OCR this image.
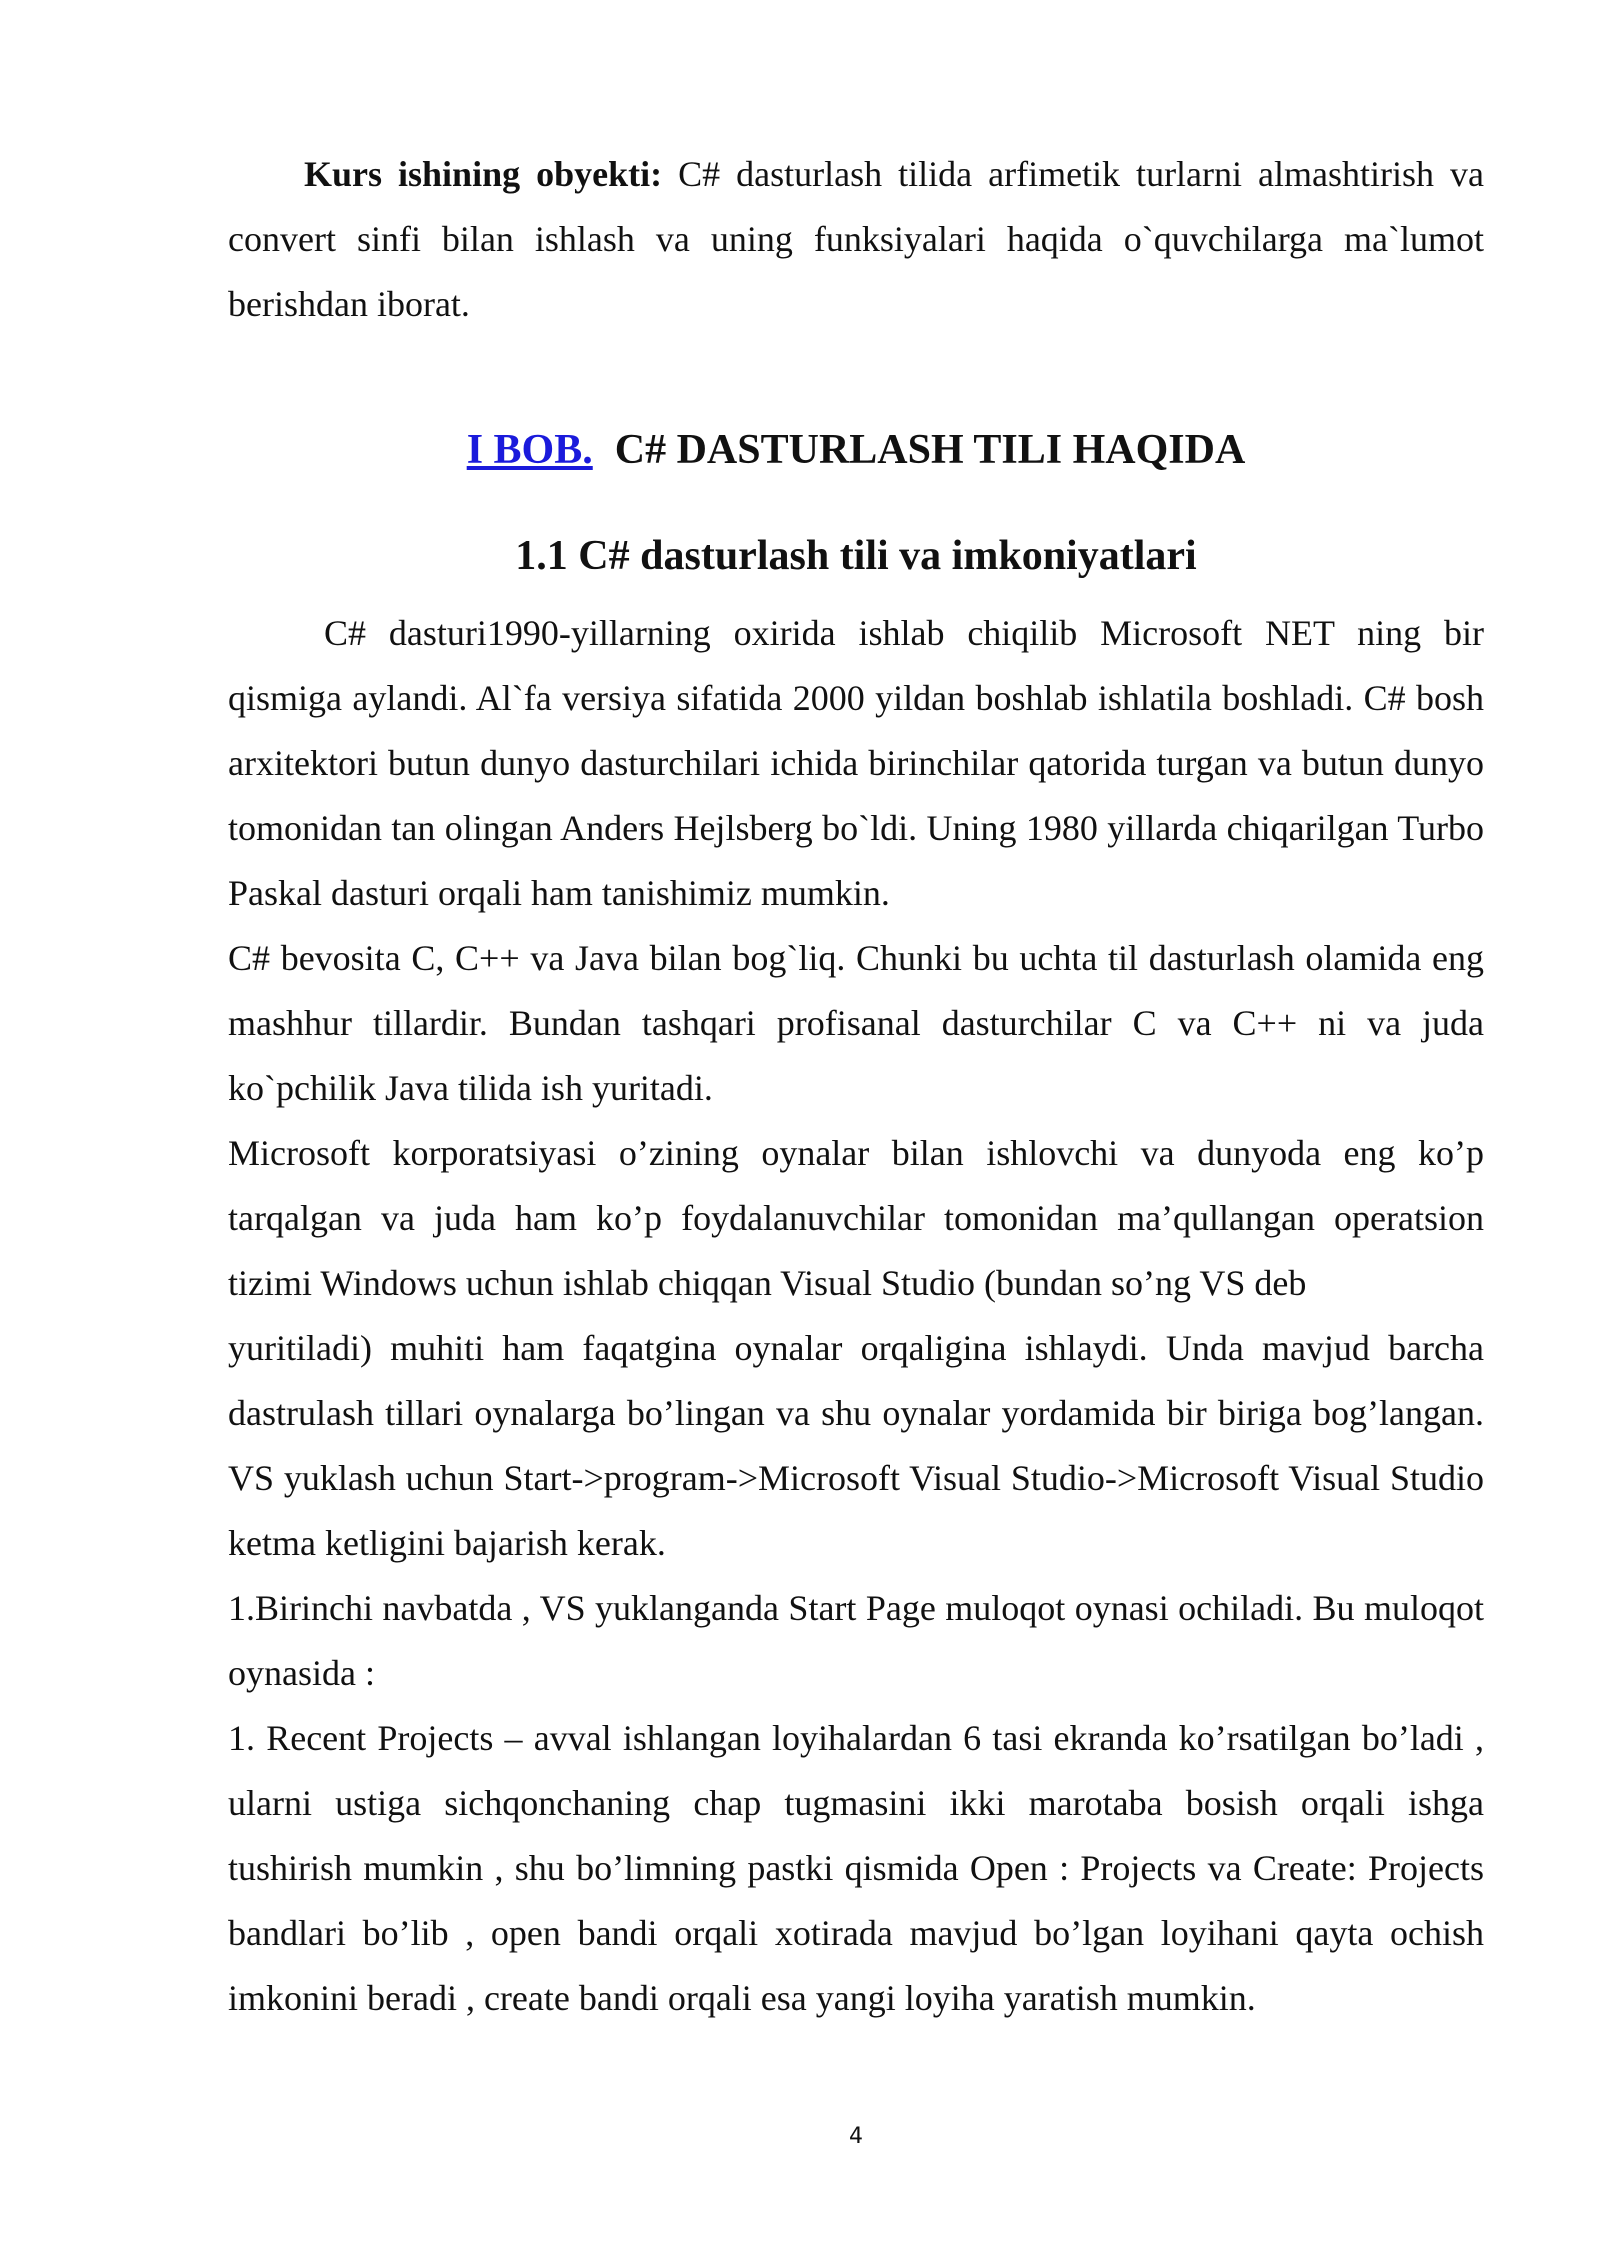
Kurs ishining obyekti: C# dasturlash tilida arfimetik turlarni almashtirish va convert sinfi bilan ishlash va uning funksiyalari haqida o`quvchilarga ma`lumot berishdan iborat.

I BOB. C# DASTURLASH TILI HAQIDA
1.1 C# dasturlash tili va imkoniyatlari

C# dasturi1990-yillarning oxirida ishlab chiqilib Microsoft NET ning bir qismiga aylandi. Al`fa versiya sifatida 2000 yildan boshlab ishlatila boshladi. C# bosh arxitektori butun dunyo dasturchilari ichida birinchilar qatorida turgan va butun dunyo tomonidan tan olingan Anders Hejlsberg bo`ldi. Uning 1980 yillarda chiqarilgan Turbo Paskal dasturi orqali ham tanishimiz mumkin.

C# bevosita C, C++ va Java bilan bog`liq. Chunki bu uchta til dasturlash olamida eng mashhur tillardir. Bundan tashqari profisanal dasturchilar C va C++ ni va juda ko`pchilik Java tilida ish yuritadi.

Microsoft korporatsiyasi o’zining oynalar bilan ishlovchi va dunyoda eng ko’p tarqalgan va juda ham ko’p foydalanuvchilar tomonidan ma’qullangan operatsion tizimi Windows uchun ishlab chiqqan Visual Studio (bundan so’ng VS deb

yuritiladi) muhiti ham faqatgina oynalar orqaligina ishlaydi. Unda mavjud barcha dastrulash tillari oynalarga bo’lingan va shu oynalar yordamida bir biriga bog’langan. VS yuklash uchun Start->program->Microsoft Visual Studio->Microsoft Visual Studio ketma ketligini bajarish kerak.

1.Birinchi navbatda , VS yuklanganda Start Page muloqot oynasi ochiladi. Bu muloqot oynasida :

1. Recent Projects – avval ishlangan loyihalardan 6 tasi ekranda ko’rsatilgan bo’ladi , ularni ustiga sichqonchaning chap tugmasini ikki marotaba bosish orqali ishga tushirish mumkin , shu bo’limning pastki qismida Open : Projects va Create: Projects bandlari bo’lib , open bandi orqali xotirada mavjud bo’lgan loyihani qayta ochish imkonini beradi , create bandi orqali esa yangi loyiha yaratish mumkin.

4
